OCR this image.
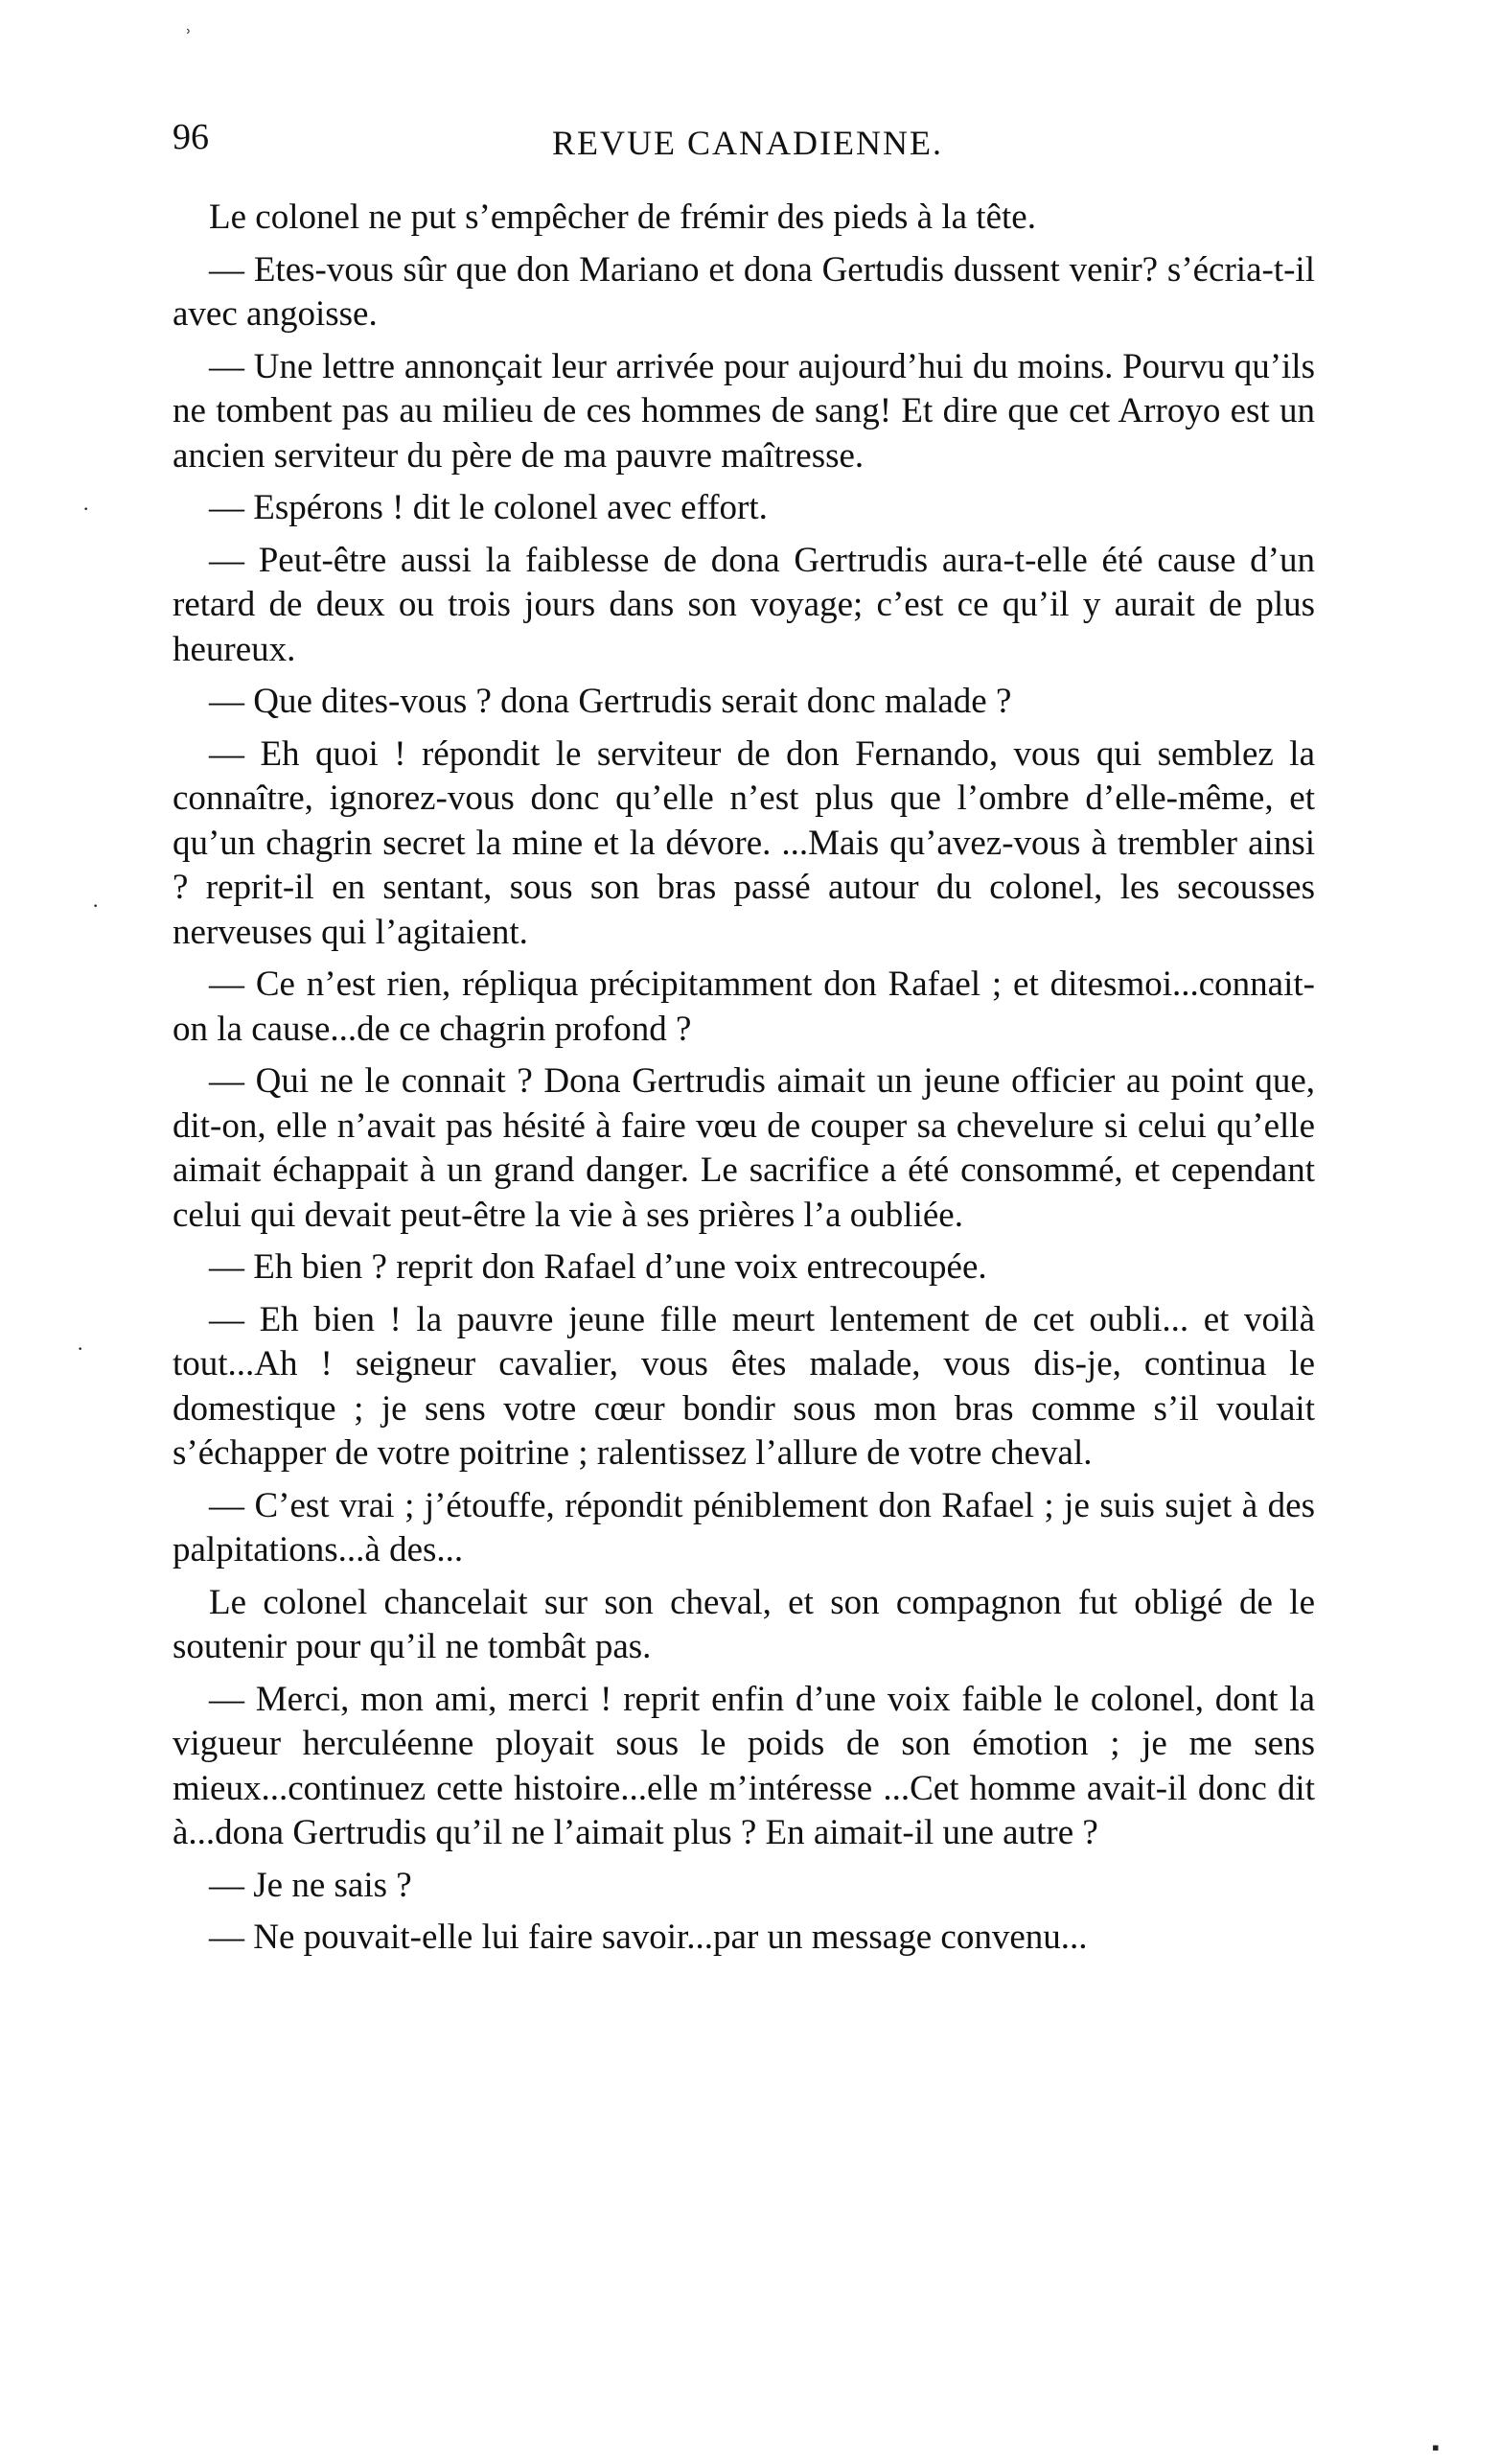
96	REVUE CANADIENNE.

Le colonel ne put s’empêcher de frémir des pieds à la tête.

— Etes-vous sûr que don Mariano et dona Gertudis dussent venir? s’écria-t-il avec angoisse.

— Une lettre annonçait leur arrivée pour aujourd’hui du moins. Pourvu qu’ils ne tombent pas au milieu de ces hommes de sang! Et dire que cet Arroyo est un ancien serviteur du père de ma pauvre maîtresse.

— Espérons ! dit le colonel avec effort.

— Peut-être aussi la faiblesse de dona Gertrudis aura-t-elle été cause d’un retard de deux ou trois jours dans son voyage; c’est ce qu’il y aurait de plus heureux.

— Que dites-vous ? dona Gertrudis serait donc malade ?

— Eh quoi ! répondit le serviteur de don Fernando, vous qui semblez la connaître, ignorez-vous donc qu’elle n’est plus que l’ombre d’elle-même, et qu’un chagrin secret la mine et la dévore. ...Mais qu’avez-vous à trembler ainsi ? reprit-il en sentant, sous son bras passé autour du colonel, les secousses nerveuses qui l’agitaient.

— Ce n’est rien, répliqua précipitamment don Rafael ; et ditesmoi...connait-on la cause...de ce chagrin profond ?

— Qui ne le connait ? Dona Gertrudis aimait un jeune officier au point que, dit-on, elle n’avait pas hésité à faire vœu de couper sa chevelure si celui qu’elle aimait échappait à un grand danger. Le sacrifice a été consommé, et cependant celui qui devait peut-être la vie à ses prières l’a oubliée.

— Eh bien ? reprit don Rafael d’une voix entrecoupée.

— Eh bien ! la pauvre jeune fille meurt lentement de cet oubli... et voilà tout...Ah ! seigneur cavalier, vous êtes malade, vous dis-je, continua le domestique ; je sens votre cœur bondir sous mon bras comme s’il voulait s’échapper de votre poitrine ; ralentissez l’allure de votre cheval.

— C’est vrai ; j’étouffe, répondit péniblement don Rafael ; je suis sujet à des palpitations...à des...

Le colonel chancelait sur son cheval, et son compagnon fut obligé de le soutenir pour qu’il ne tombât pas.

— Merci, mon ami, merci ! reprit enfin d’une voix faible le colonel, dont la vigueur herculéenne ployait sous le poids de son émotion ; je me sens mieux...continuez cette histoire...elle m’intéresse ...Cet homme avait-il donc dit à...dona Gertrudis qu’il ne l’aimait plus ? En aimait-il une autre ?

— Je ne sais ?

— Ne pouvait-elle lui faire savoir...par un message convenu...

ʾ
·
·
·
▪
